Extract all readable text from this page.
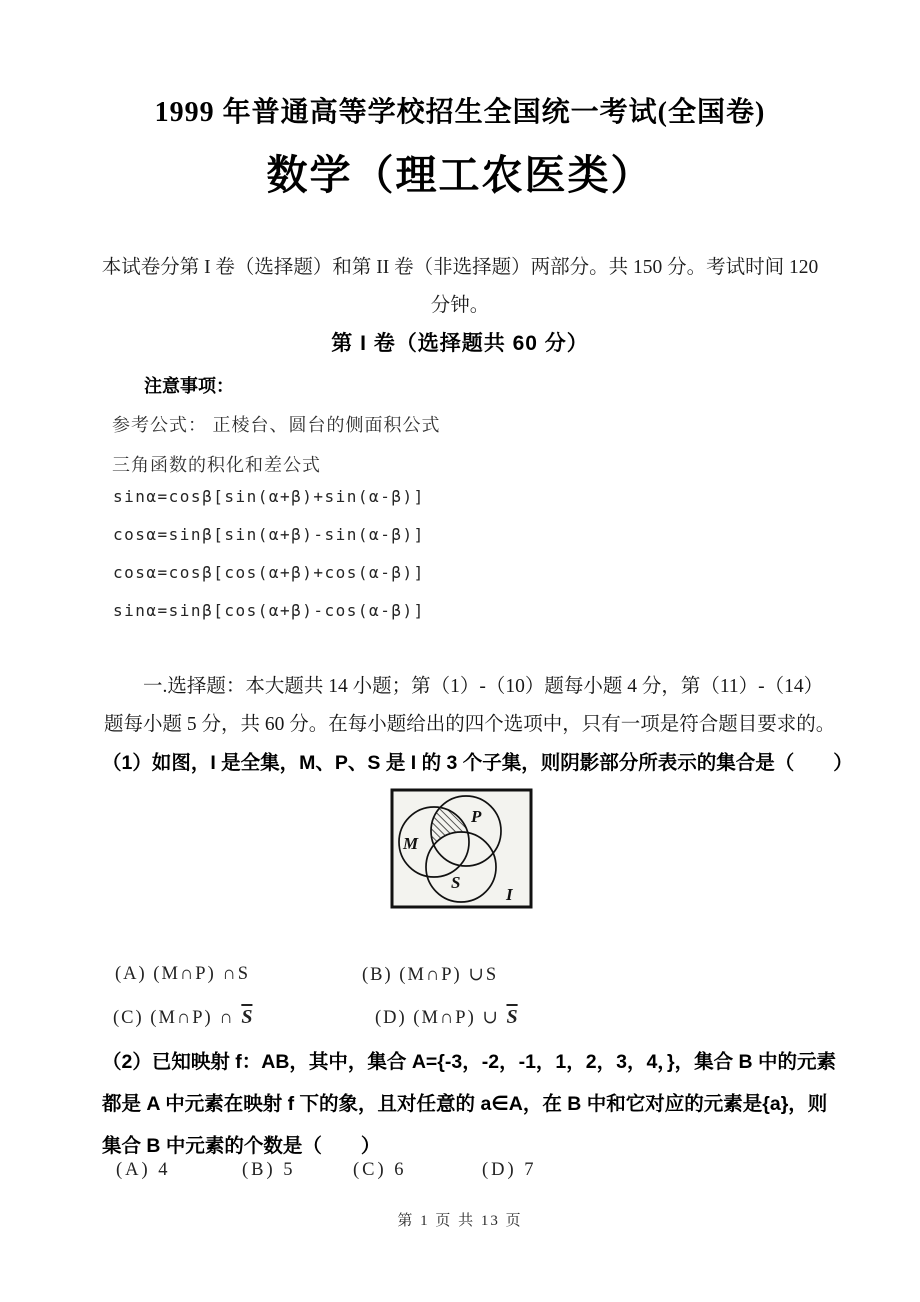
1999 年普通高等学校招生全国统一考试(全国卷)
数学（理工农医类）
本试卷分第 I 卷（选择题）和第 II 卷（非选择题）两部分。共 150 分。考试时间 120
分钟。
第 I 卷（选择题共 60 分）
注意事项：
参考公式： 正棱台、圆台的侧面积公式
三角函数的积化和差公式
sinα=cosβ[sin(α+β)+sin(α-β)]
cosα=sinβ[sin(α+β)-sin(α-β)]
cosα=cosβ[cos(α+β)+cos(α-β)]
sinα=sinβ[cos(α+β)-cos(α-β)]
一.选择题：本大题共 14 小题；第（1）-（10）题每小题 4 分，第（11）-（14）
题每小题 5 分，共 60 分。在每小题给出的四个选项中，只有一项是符合题目要求的。
（1）如图，I 是全集，M、P、S 是 I 的 3 个子集，则阴影部分所表示的集合是（　　）
M
P
S
I
(A) (M∩P) ∩S	(B) (M∩P) ∪S
(C) (M∩P) ∩ $\overline{S}$	(D) (M∩P) ∪ $\overline{S}$
（2）已知映射 f：AB，其中，集合 A={-3，-2，-1，1，2，3，4，}，集合 B 中的元素
都是 A 中元素在映射 f 下的象，且对任意的 a∈A，在 B 中和它对应的元素是{a}，则
集合 B 中元素的个数是（　　）
(A) 4	(B) 5	(C) 6	(D) 7
第 1 页 共 13 页
